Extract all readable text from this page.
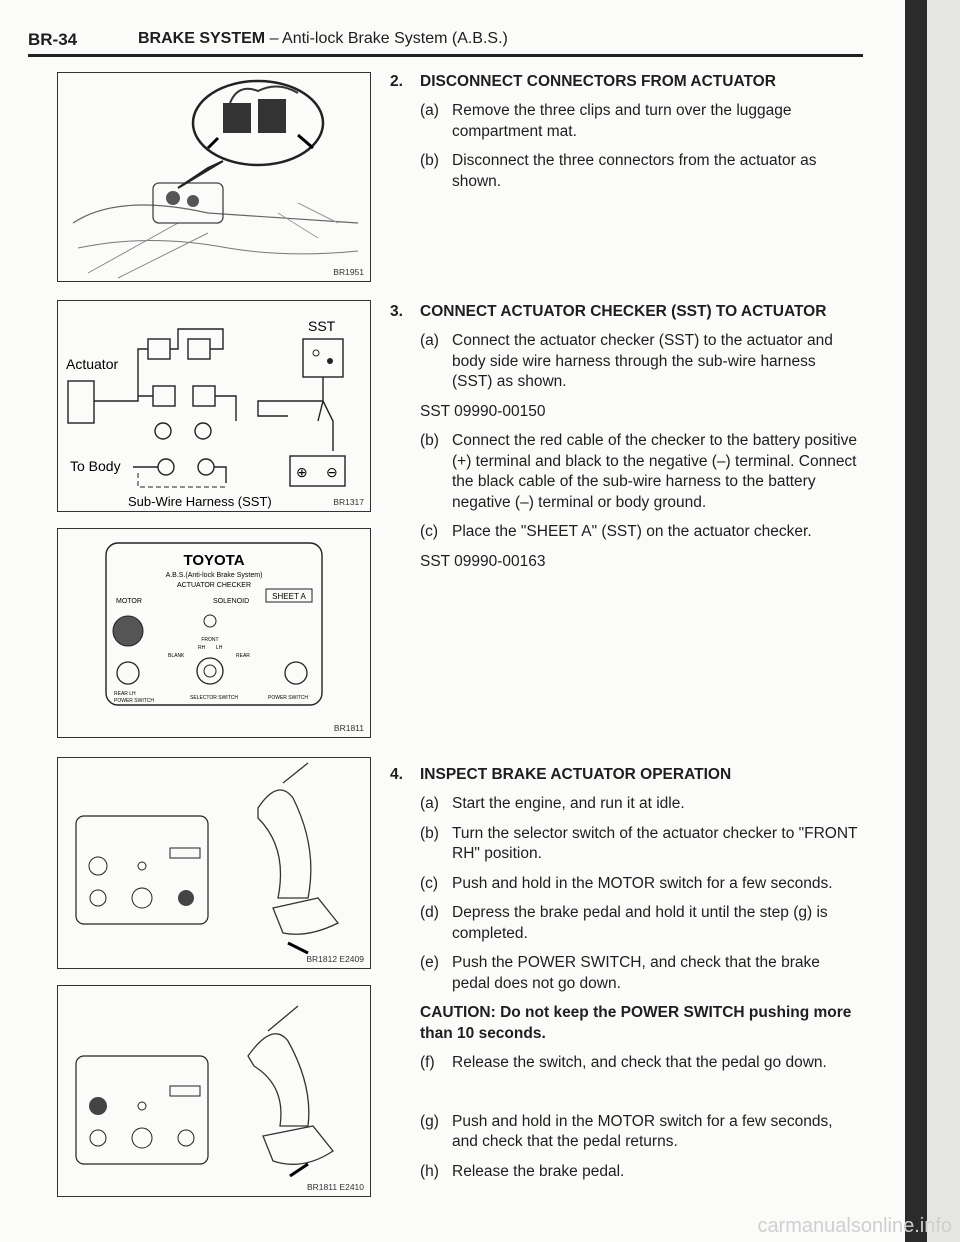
BR-34	BRAKE SYSTEM – Anti-lock Brake System (A.B.S.)
BR1951
Actuator
SST
To Body
Sub-Wire Harness (SST)
⊕ ⊖
BR1317
TOYOTA
A.B.S.(Anti-lock Brake System)
ACTUATOR CHECKER
SHEET A
MOTOR	SOLENOID
FRONT
RH LH
BLANK	REAR
REAR LH
POWER SWITCH	SELECTOR SWITCH	POWER SWITCH
BR1811
BR1812 E2409
BR1811 E2410
2. DISCONNECT CONNECTORS FROM ACTUATOR
(a) Remove the three clips and turn over the luggage compartment mat.
(b) Disconnect the three connectors from the actuator as shown.
3. CONNECT ACTUATOR CHECKER (SST) TO ACTUATOR
(a) Connect the actuator checker (SST) to the actuator and body side wire harness through the sub-wire harness (SST) as shown.
SST 09990-00150
(b) Connect the red cable of the checker to the battery positive (+) terminal and black to the negative (–) terminal. Connect the black cable of the sub-wire harness to the battery negative (–) terminal or body ground.
(c) Place the "SHEET A" (SST) on the actuator checker.
SST 09990-00163
4. INSPECT BRAKE ACTUATOR OPERATION
(a) Start the engine, and run it at idle.
(b) Turn the selector switch of the actuator checker to "FRONT RH" position.
(c) Push and hold in the MOTOR switch for a few seconds.
(d) Depress the brake pedal and hold it until the step (g) is completed.
(e) Push the POWER SWITCH, and check that the brake pedal does not go down.
CAUTION: Do not keep the POWER SWITCH pushing more than 10 seconds.
(f) Release the switch, and check that the pedal go down.
(g) Push and hold in the MOTOR switch for a few seconds, and check that the pedal returns.
(h) Release the brake pedal.
carmanualsonline.info
